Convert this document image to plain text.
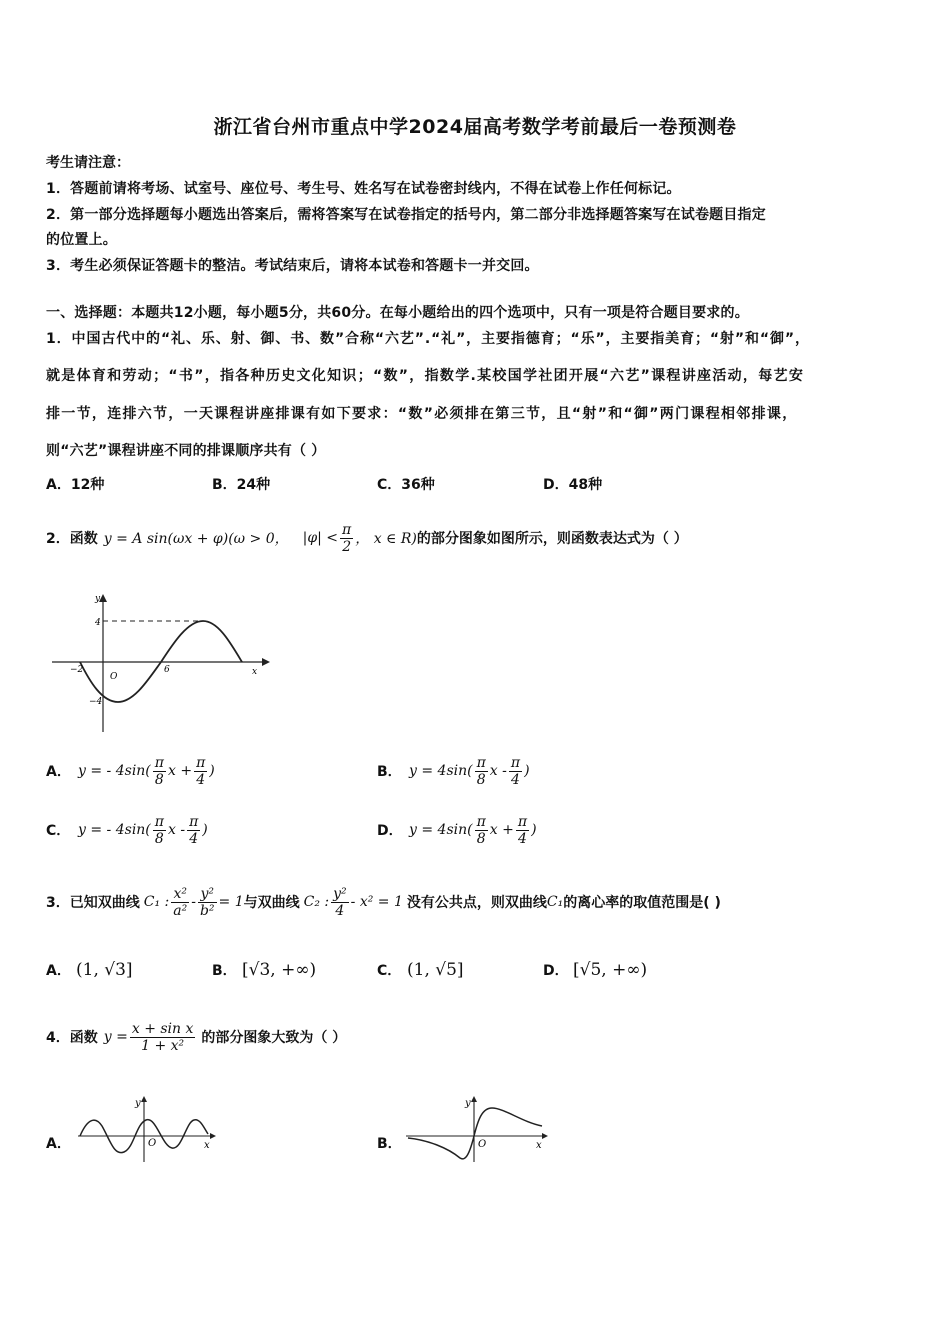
浙江省台州市重点中学2024届高考数学考前最后一卷预测卷
考生请注意：
1．答题前请将考场、试室号、座位号、考生号、姓名写在试卷密封线内，不得在试卷上作任何标记。
2．第一部分选择题每小题选出答案后，需将答案写在试卷指定的括号内，第二部分非选择题答案写在试卷题目指定
的位置上。
3．考生必须保证答题卡的整洁。考试结束后，请将本试卷和答题卡一并交回。
一、选择题：本题共12小题，每小题5分，共60分。在每小题给出的四个选项中，只有一项是符合题目要求的。
1．中国古代中的“礼、乐、射、御、书、数”合称“六艺”.“礼”，主要指德育；“乐”，主要指美育；“射”和“御”，
就是体育和劳动；“书”，指各种历史文化知识；“数”，指数学.某校国学社团开展“六艺”课程讲座活动，每艺安
排一节，连排六节，一天课程讲座排课有如下要求：“数”必须排在第三节，且“射”和“御”两门课程相邻排课，
则“六艺”课程讲座不同的排课顺序共有（ ）
A．12种	B．24种	C．36种	D．48种
2．函数 y = A sin(ωx + φ)(ω > 0， $|\varphi| < \frac{\pi}{2}$ ， x ∈ R) 的部分图象如图所示，则函数表达式为（ ）
y
x
O
4
−4
−2	6
A． y = - $4\sin( \frac{\pi}{8}$ $x + \frac{\pi}{4}$ )	B． $y = 4\sin( \frac{\pi}{8}$ x - $\frac{\pi}{4}$ )
C． y = - $4\sin( \frac{\pi}{8}$ x - $\frac{\pi}{4}$ )	D． $y = 4\sin( \frac{\pi}{8}$ $x + \frac{\pi}{4}$ )
3．已知双曲线 C₁ : $\frac{\text{x²}}{\text{a²}} - \frac{\text{y²}}{\text{b²}} = 1$ 与双曲线 C₂ : $\frac{\text{y²}}{4} - x^2 = 1$ 没有公共点，则双曲线 C₁ 的离心率的取值范围是( )
A． (1, √3]	B． [√3, +∞)	C． (1, √5]	D． [√5, +∞)
4．函数 $y = \frac{\text{x + sin x}}{\text{1 + x²}}$ 的部分图象大致为（ ）
A．
y
O	x	B．
y
O	x
